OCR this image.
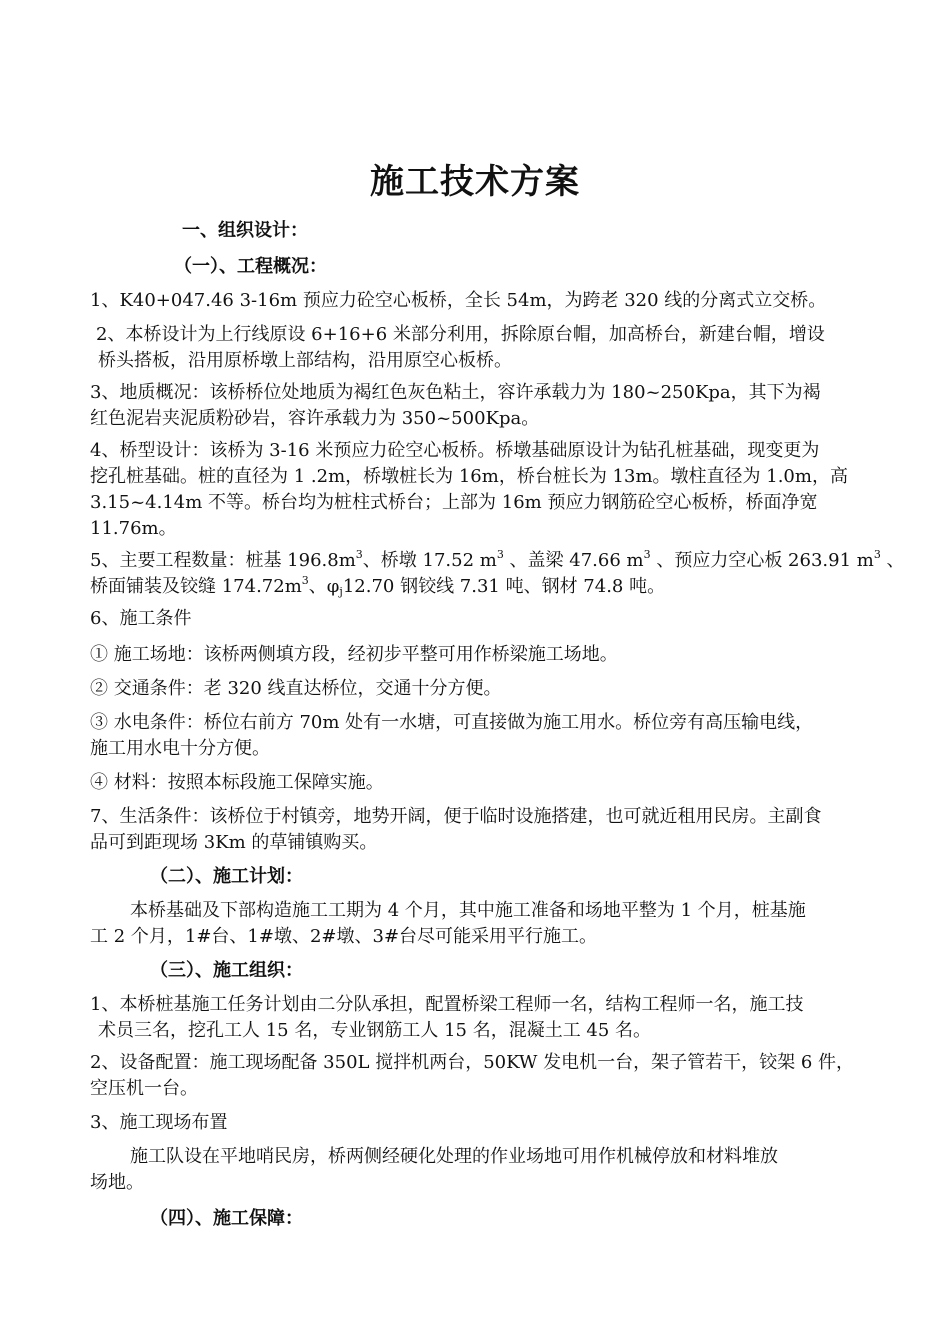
施工技术方案
一、组织设计：
（一）、工程概况：
1、K40+047.46 3-16m 预应力砼空心板桥，全长 54m，为跨老 320 线的分离式立交桥。
2、本桥设计为上行线原设 6+16+6 米部分利用，拆除原台帽，加高桥台，新建台帽，增设
桥头搭板，沿用原桥墩上部结构，沿用原空心板桥。
3、地质概况：该桥桥位处地质为褐红色灰色粘土，容许承载力为 180~250Kpa，其下为褐
红色泥岩夹泥质粉砂岩，容许承载力为 350~500Kpa。
4、桥型设计：该桥为 3-16 米预应力砼空心板桥。桥墩基础原设计为钻孔桩基础，现变更为
挖孔桩基础。桩的直径为 1 .2m，桥墩桩长为 16m，桥台桩长为 13m。墩柱直径为 1.0m，高
3.15~4.14m 不等。桥台均为桩柱式桥台；上部为 16m 预应力钢筋砼空心板桥，桥面净宽
11.76m。
5、主要工程数量：桩基 $196.8m^3$、桥墩 17.52 $m^3$ 、盖梁 47.66 $m^3$ 、预应力空心板 263.91 $m^3$ 、
桥面铺装及铰缝 $174.72m^3$、$\varphi_j12.70$ 钢铰线 7.31 吨、钢材 74.8 吨。
6、施工条件
① 施工场地：该桥两侧填方段，经初步平整可用作桥梁施工场地。
② 交通条件：老 320 线直达桥位，交通十分方便。
③ 水电条件：桥位右前方 70m 处有一水塘，可直接做为施工用水。桥位旁有高压输电线，
施工用水电十分方便。
④ 材料：按照本标段施工保障实施。
7、生活条件：该桥位于村镇旁，地势开阔，便于临时设施搭建，也可就近租用民房。主副食
品可到距现场 3Km 的草铺镇购买。
（二）、施工计划：
本桥基础及下部构造施工工期为 4 个月，其中施工准备和场地平整为 1 个月，桩基施
工 2 个月，1#台、1#墩、2#墩、3#台尽可能采用平行施工。
（三）、施工组织：
1、本桥桩基施工任务计划由二分队承担，配置桥梁工程师一名，结构工程师一名，施工技
术员三名，挖孔工人 15 名，专业钢筋工人 15 名，混凝土工 45 名。
2、设备配置：施工现场配备 350L 搅拌机两台，50KW 发电机一台，架子管若干，铰架 6 件，
空压机一台。
3、施工现场布置
施工队设在平地哨民房，桥两侧经硬化处理的作业场地可用作机械停放和材料堆放
场地。
（四）、施工保障：
